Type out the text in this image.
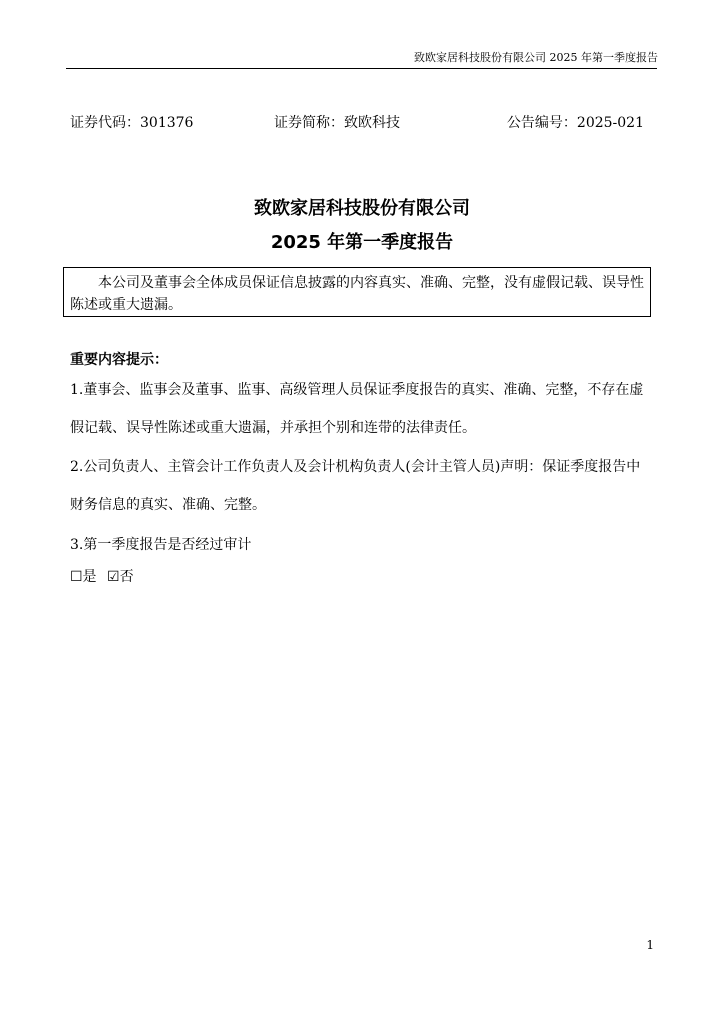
致欧家居科技股份有限公司 2025 年第一季度报告
证券代码：301376	证券简称：致欧科技	公告编号：2025-021
致欧家居科技股份有限公司
2025 年第一季度报告

本公司及董事会全体成员保证信息披露的内容真实、准确、完整，没有虚假记载、误导性陈述或重大遗漏。

重要内容提示：

1.董事会、监事会及董事、监事、高级管理人员保证季度报告的真实、准确、完整，不存在虚假记载、误导性陈述或重大遗漏，并承担个别和连带的法律责任。

2.公司负责人、主管会计工作负责人及会计机构负责人(会计主管人员)声明：保证季度报告中财务信息的真实、准确、完整。

3.第一季度报告是否经过审计

☐是 ☑否
1
